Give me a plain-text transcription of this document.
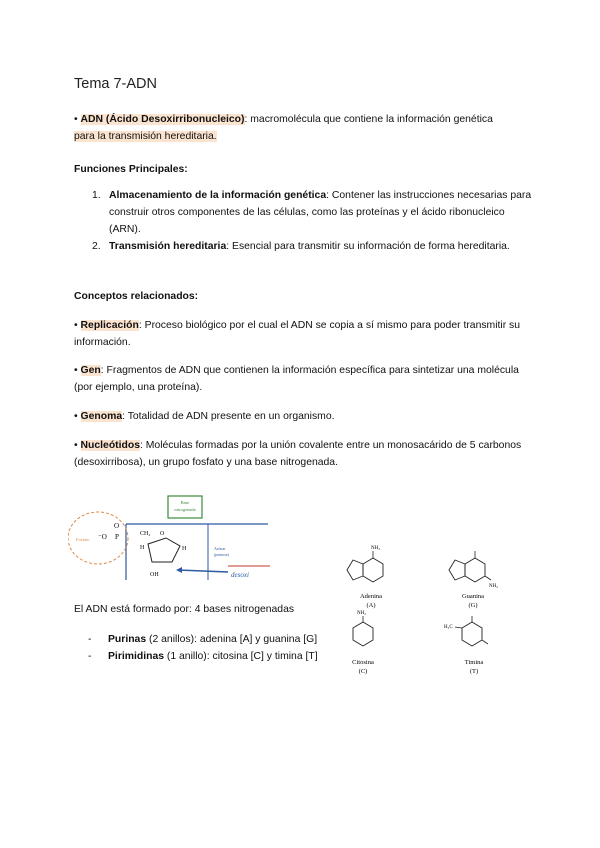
Tema 7-ADN
• ADN (Ácido Desoxirribonucleico): macromolécula que contiene la información genética
para la transmisión hereditaria.
Funciones Principales:
1. Almacenamiento de la información genética: Contener las instrucciones necesarias para construir otros componentes de las células, como las proteínas y el ácido ribonucleico (ARN).
2. Transmisión hereditaria: Esencial para transmitir su información de forma hereditaria.
Conceptos relacionados:
• Replicación: Proceso biológico por el cual el ADN se copia a sí mismo para poder transmitir su información.
• Gen: Fragmentos de ADN que contienen la información específica para sintetizar una molécula (por ejemplo, una proteína).
• Genoma: Totalidad de ADN presente en un organismo.
• Nucleótidos: Moléculas formadas por la unión covalente entre un monosacárido de 5 carbonos (desoxirribosa), un grupo fosfato y una base nitrogenada.
Base
nitrogenada
Fosfato ⁻O P
O
CH₂ O
H	H
OH
Azúcar
(pentosa)
desoxi
El ADN está formado por: 4 bases nitrogenadas
- Purinas (2 anillos): adenina [A] y guanina [G]
- Pirimidinas (1 anillo): citosina [C] y timina [T]
NH₂
Adenina
(A)
NH₂
Guanina
(G)
NH₂
Citosina
(C)
H₃C
Timina
(T)
